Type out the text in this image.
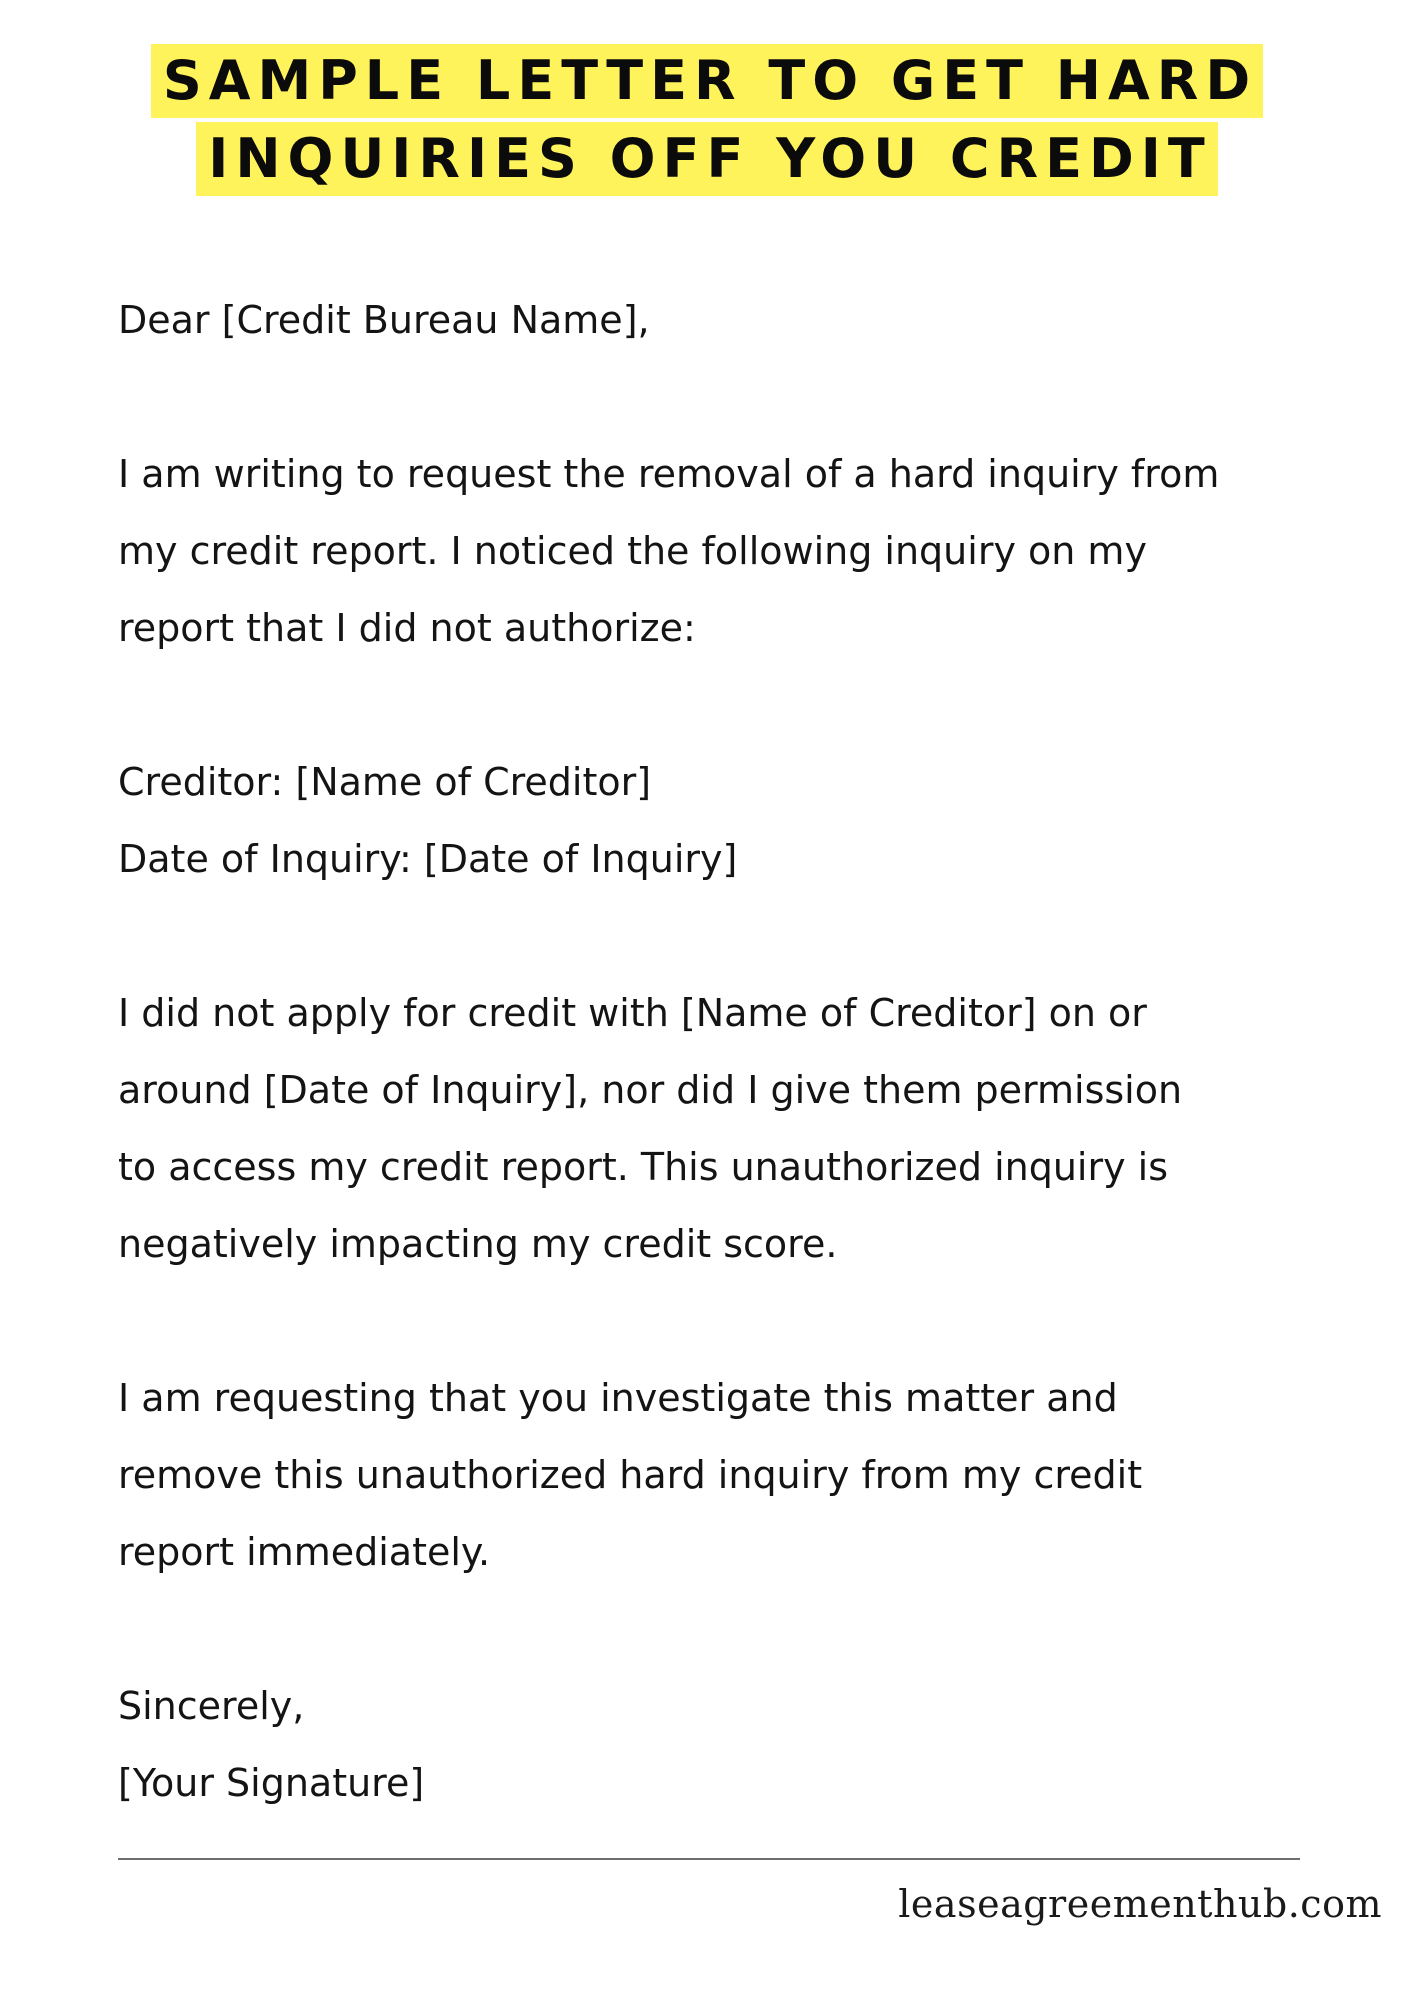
SAMPLE LETTER TO GET HARD
INQUIRIES OFF YOU CREDIT
Dear [Credit Bureau Name],
I am writing to request the removal of a hard inquiry from
my credit report. I noticed the following inquiry on my
report that I did not authorize:
Creditor: [Name of Creditor]
Date of Inquiry: [Date of Inquiry]
I did not apply for credit with [Name of Creditor] on or
around [Date of Inquiry], nor did I give them permission
to access my credit report. This unauthorized inquiry is
negatively impacting my credit score.
I am requesting that you investigate this matter and
remove this unauthorized hard inquiry from my credit
report immediately.
Sincerely,
[Your Signature]
leaseagreementhub.com
